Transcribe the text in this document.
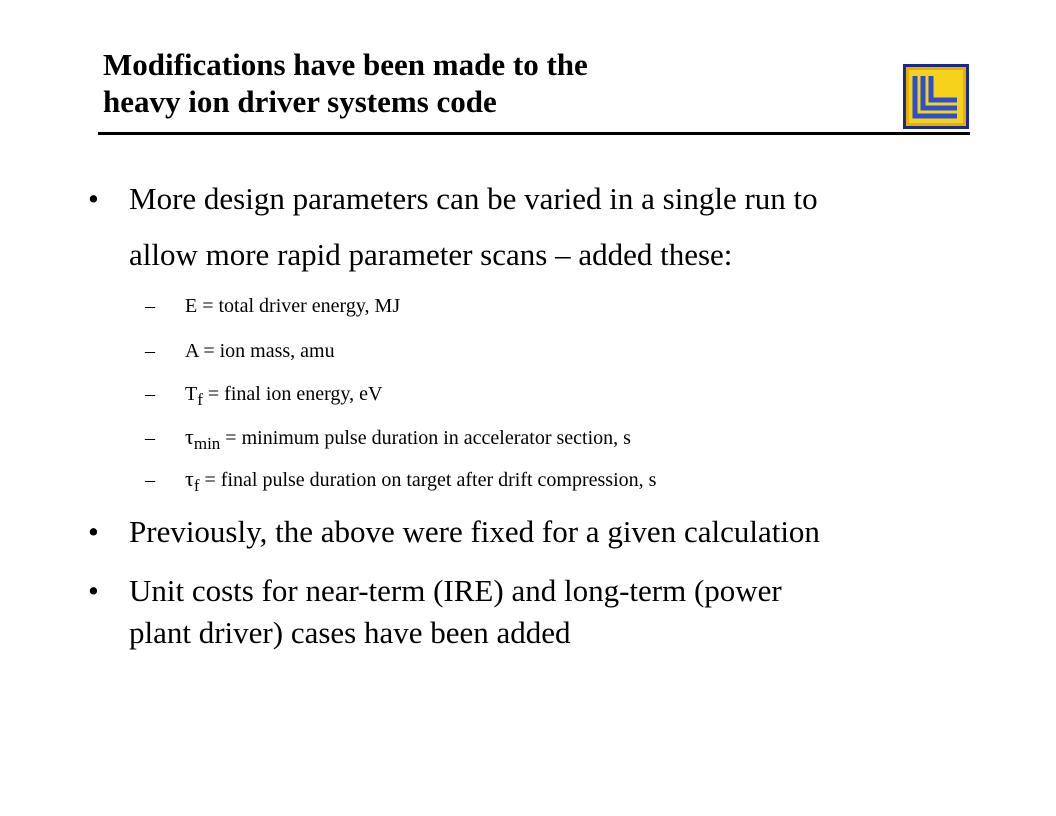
Modifications have been made to the
heavy ion driver systems code
• More design parameters can be varied in a single run to
allow more rapid parameter scans – added these:
– E = total driver energy, MJ
– A = ion mass, amu
– $T_f$ = final ion energy, eV
– $\tau_{min}$ = minimum pulse duration in accelerator section, s
– $\tau_f$ = final pulse duration on target after drift compression, s
• Previously, the above were fixed for a given calculation
• Unit costs for near-term (IRE) and long-term (power
plant driver) cases have been added
